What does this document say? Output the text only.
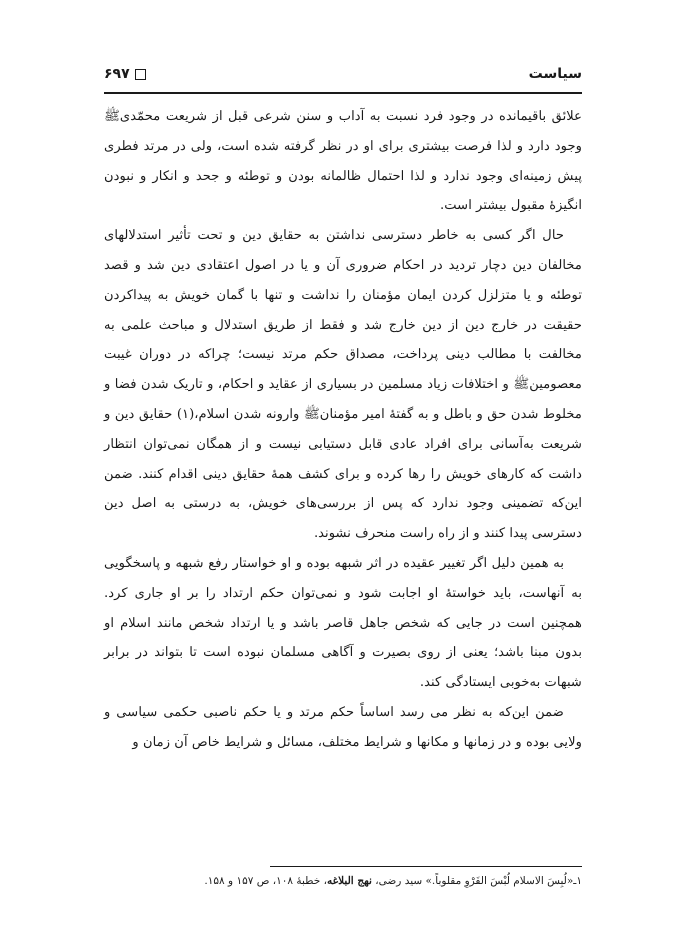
سیاست
۶۹۷

علائق باقیمانده در وجود فرد نسبت به آداب و سنن شرعی قبل از شریعت محمّدیﷺ وجود دارد و لذا فرصت بیشتری برای او در نظر گرفته شده است، ولی در مرتد فطری پیش زمینه‌ای وجود ندارد و لذا احتمال ظالمانه بودن و توطئه و جحد و انکار و نبودن انگیزهٔ مقبول بیشتر است.

حال اگر کسی به خاطر دسترسی نداشتن به حقایق دین و تحت تأثیر استدلالهای مخالفان دین دچار تردید در احکام ضروری آن و یا در اصول اعتقادی دین شد و قصد توطئه و یا متزلزل کردن ایمان مؤمنان را نداشت و تنها با گمان خویش به پیداکردن حقیقت در خارج دین از دین خارج شد و فقط از طریق استدلال و مباحث علمی به مخالفت با مطالب دینی پرداخت، مصداق حکم مرتد نیست؛ چراکه در دوران غیبت معصومینﷺ و اختلافات زیاد مسلمین در بسیاری از عقاید و احکام، و تاریک شدن فضا و مخلوط شدن حق و باطل و به گفتهٔ امیر مؤمنانﷺ وارونه شدن اسلام،(۱) حقایق دین و شریعت به‌آسانی برای افراد عادی قابل دستیابی نیست و از همگان نمی‌توان انتظار داشت که کارهای خویش را رها کرده و برای کشف همهٔ حقایق دینی اقدام کنند. ضمن این‌که تضمینی وجود ندارد که پس از بررسی‌های خویش، به درستی به اصل دین دسترسی پیدا کنند و از راه راست منحرف نشوند.

به همین دلیل اگر تغییر عقیده در اثر شبهه بوده و او خواستار رفع شبهه و پاسخگویی به آنهاست، باید خواستهٔ او اجابت شود و نمی‌توان حکم ارتداد را بر او جاری کرد. همچنین است در جایی که شخص جاهل قاصر باشد و یا ارتداد شخص مانند اسلام او بدون مبنا باشد؛ یعنی از روی بصیرت و آگاهی مسلمان نبوده است تا بتواند در برابر شبهات به‌خوبی ایستادگی کند.

ضمن این‌که به نظر می رسد اساساً حکم مرتد و یا حکم ناصبی حکمی سیاسی و ولایی بوده و در زمانها و مکانها و شرایط مختلف، مسائل و شرایط خاص آن زمان و

۱ـ«لُبِسَ الاسلام لُبْسَ الفَرْوِ مقلوباً.» سید رضی، نهج البلاغه، خطبهٔ ۱۰۸، ص ۱۵۷ و ۱۵۸.
